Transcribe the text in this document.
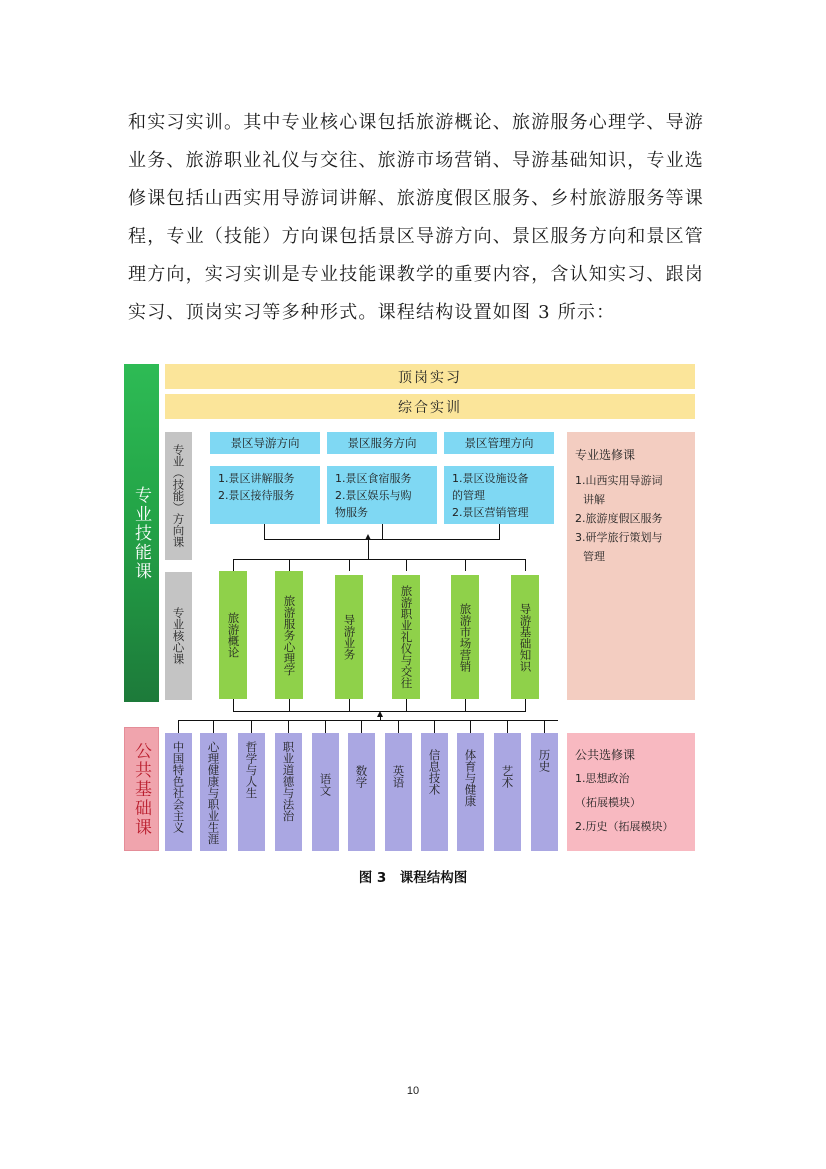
和实习实训。其中专业核心课包括旅游概论、旅游服务心理学、导游
业务、旅游职业礼仪与交往、旅游市场营销、导游基础知识，专业选
修课包括山西实用导游词讲解、旅游度假区服务、乡村旅游服务等课
程，专业（技能）方向课包括景区导游方向、景区服务方向和景区管
理方向，实习实训是专业技能课教学的重要内容，含认知实习、跟岗
实习、顶岗实习等多种形式。课程结构设置如图 3 所示：
专业技能课
公共基础课
顶岗实习
综合实训
专业（技能）方向课
专业核心课
景区导游方向	景区服务方向	景区管理方向
1.景区讲解服务
2.景区接待服务
1.景区食宿服务
2.景区娱乐与购
物服务
1.景区设施设备
的管理
2.景区营销管理
旅游概论	旅游服务心理学	导游业务	旅游职业礼仪与交往	旅游市场营销	导游基础知识
中国特色社会主义 心理健康与职业生涯 哲学与人生 职业道德与法治 语文 数学 英语 信息技术 体育与健康 艺术
历史
专业选修课
1.山西实用导游词
讲解
2.旅游度假区服务
3.研学旅行策划与
管理
公共选修课
1.思想政治
（拓展模块）
2.历史（拓展模块）
图 3　课程结构图
10
